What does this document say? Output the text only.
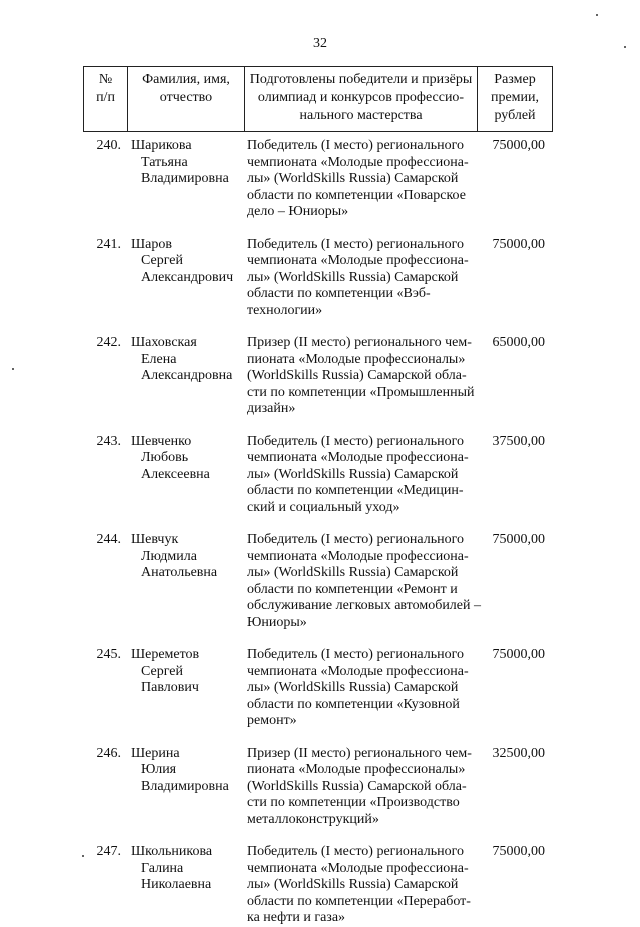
32
№
п/п
Фамилия, имя,
отчество
Подготовлены победители и призёры
олимпиад и конкурсов профессио-
нального мастерства
Размер
премии,
рублей
240. Шарикова
Татьяна
Владимировна
Победитель (I место) регионального
чемпионата «Молодые профессиона-
лы» (WorldSkills Russia) Самарской
области по компетенции «Поварское
дело – Юниоры»
75000,00
241. Шаров
Сергей
Александрович
Победитель (I место) регионального
чемпионата «Молодые профессиона-
лы» (WorldSkills Russia) Самарской
области по компетенции «Вэб-
технологии»
75000,00
242. Шаховская
Елена
Александровна
Призер (II место) регионального чем-
пионата «Молодые профессионалы»
(WorldSkills Russia) Самарской обла-
сти по компетенции «Промышленный
дизайн»
65000,00
243. Шевченко
Любовь
Алексеевна
Победитель (I место) регионального
чемпионата «Молодые профессиона-
лы» (WorldSkills Russia) Самарской
области по компетенции «Медицин-
ский и социальный уход»
37500,00
244. Шевчук
Людмила
Анатольевна
Победитель (I место) регионального
чемпионата «Молодые профессиона-
лы» (WorldSkills Russia) Самарской
области по компетенции «Ремонт и
обслуживание легковых автомобилей –
Юниоры»
75000,00
245. Шереметов
Сергей
Павлович
Победитель (I место) регионального
чемпионата «Молодые профессиона-
лы» (WorldSkills Russia) Самарской
области по компетенции «Кузовной
ремонт»
75000,00
246. Шерина
Юлия
Владимировна
Призер (II место) регионального чем-
пионата «Молодые профессионалы»
(WorldSkills Russia) Самарской обла-
сти по компетенции «Производство
металлоконструкций»
32500,00
247. Школьникова
Галина
Николаевна
Победитель (I место) регионального
чемпионата «Молодые профессиона-
лы» (WorldSkills Russia) Самарской
области по компетенции «Переработ-
ка нефти и газа»
75000,00
